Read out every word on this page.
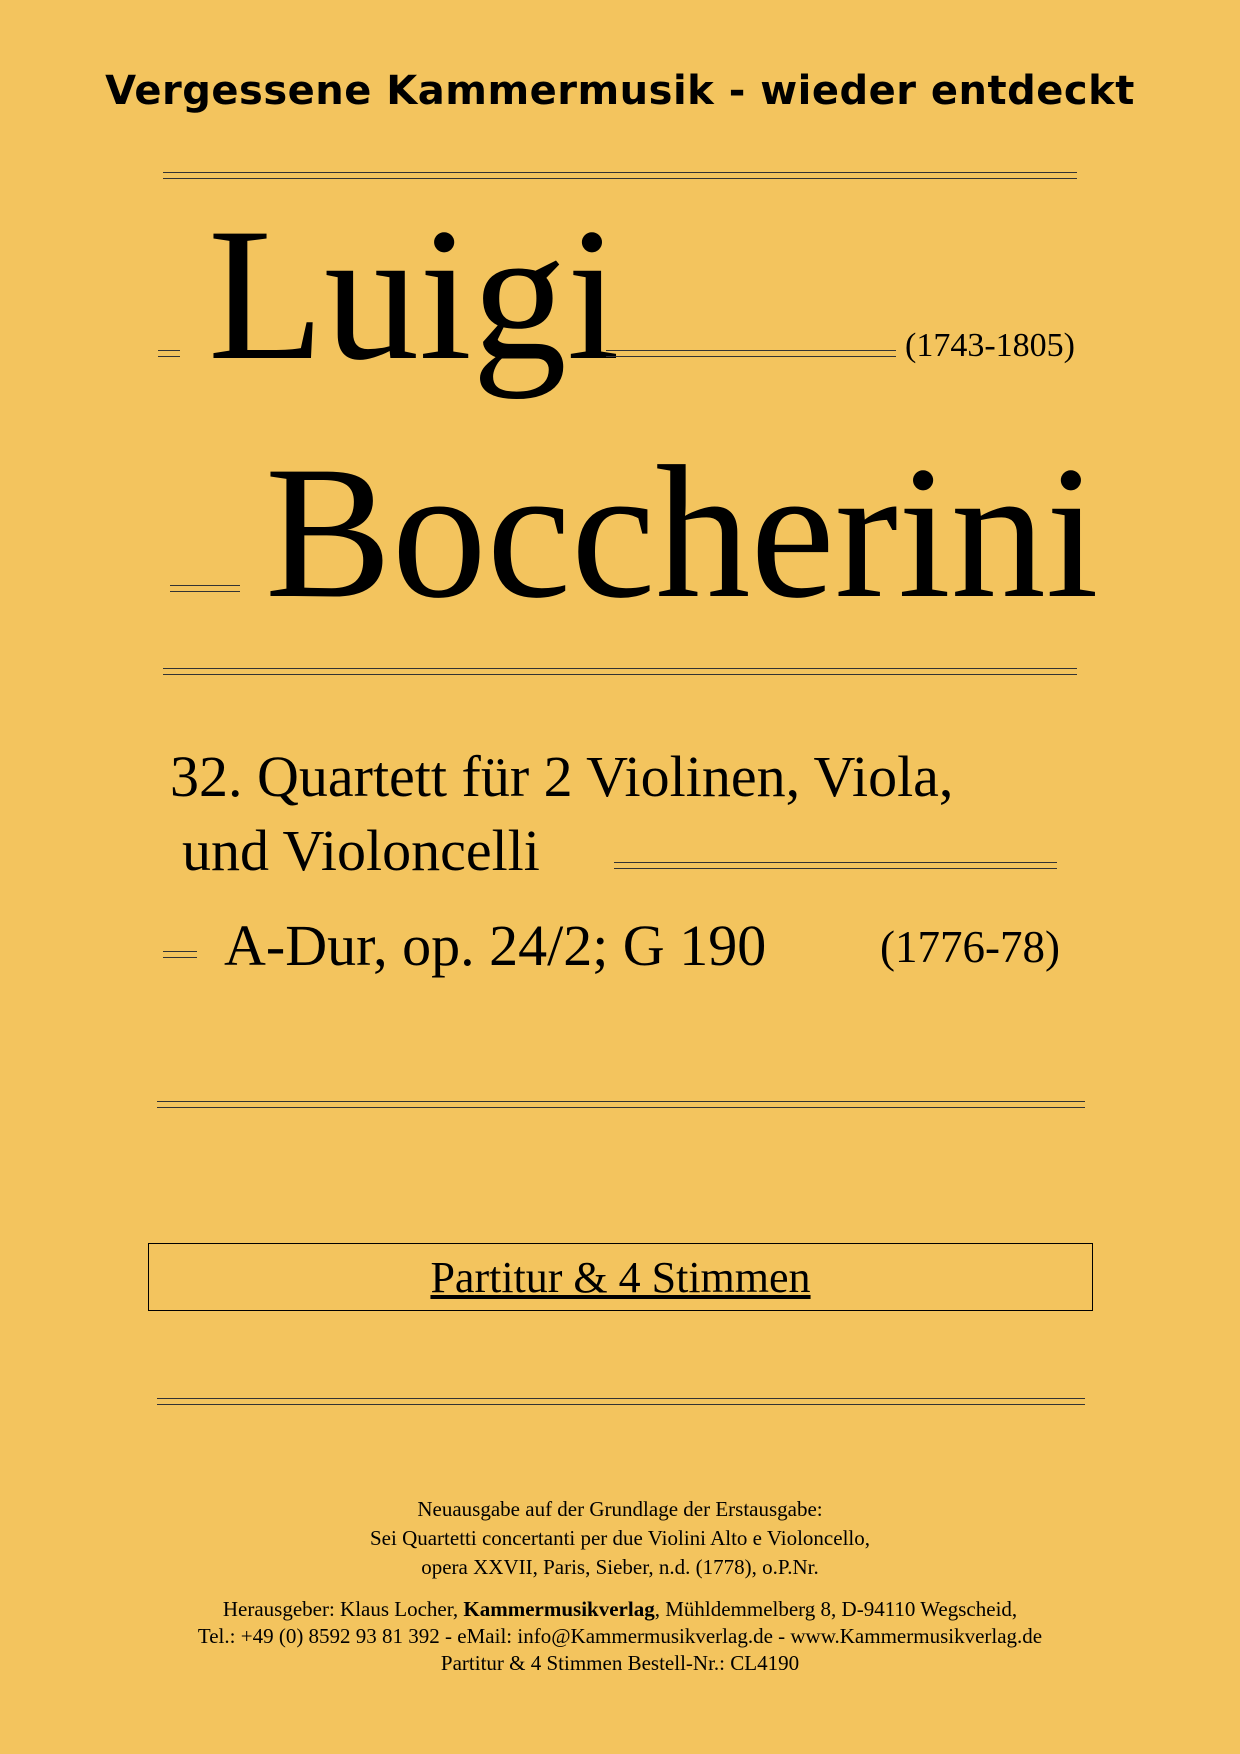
Vergessene Kammermusik - wieder entdeckt
Luigi	(1743-1805)
Boccherini
32. Quartett für 2 Violinen, Viola,
und Violoncelli
A-Dur, op. 24/2; G 190	(1776-78)
Partitur & 4 Stimmen
Neuausgabe auf der Grundlage der Erstausgabe:
Sei Quartetti concertanti per due Violini Alto e Violoncello,
opera XXVII, Paris, Sieber, n.d. (1778), o.P.Nr.
Herausgeber: Klaus Locher, Kammermusikverlag, Mühldemmelberg 8, D-94110 Wegscheid,
Tel.: +49 (0) 8592 93 81 392 - eMail: info@Kammermusikverlag.de - www.Kammermusikverlag.de
Partitur & 4 Stimmen Bestell-Nr.: CL4190
